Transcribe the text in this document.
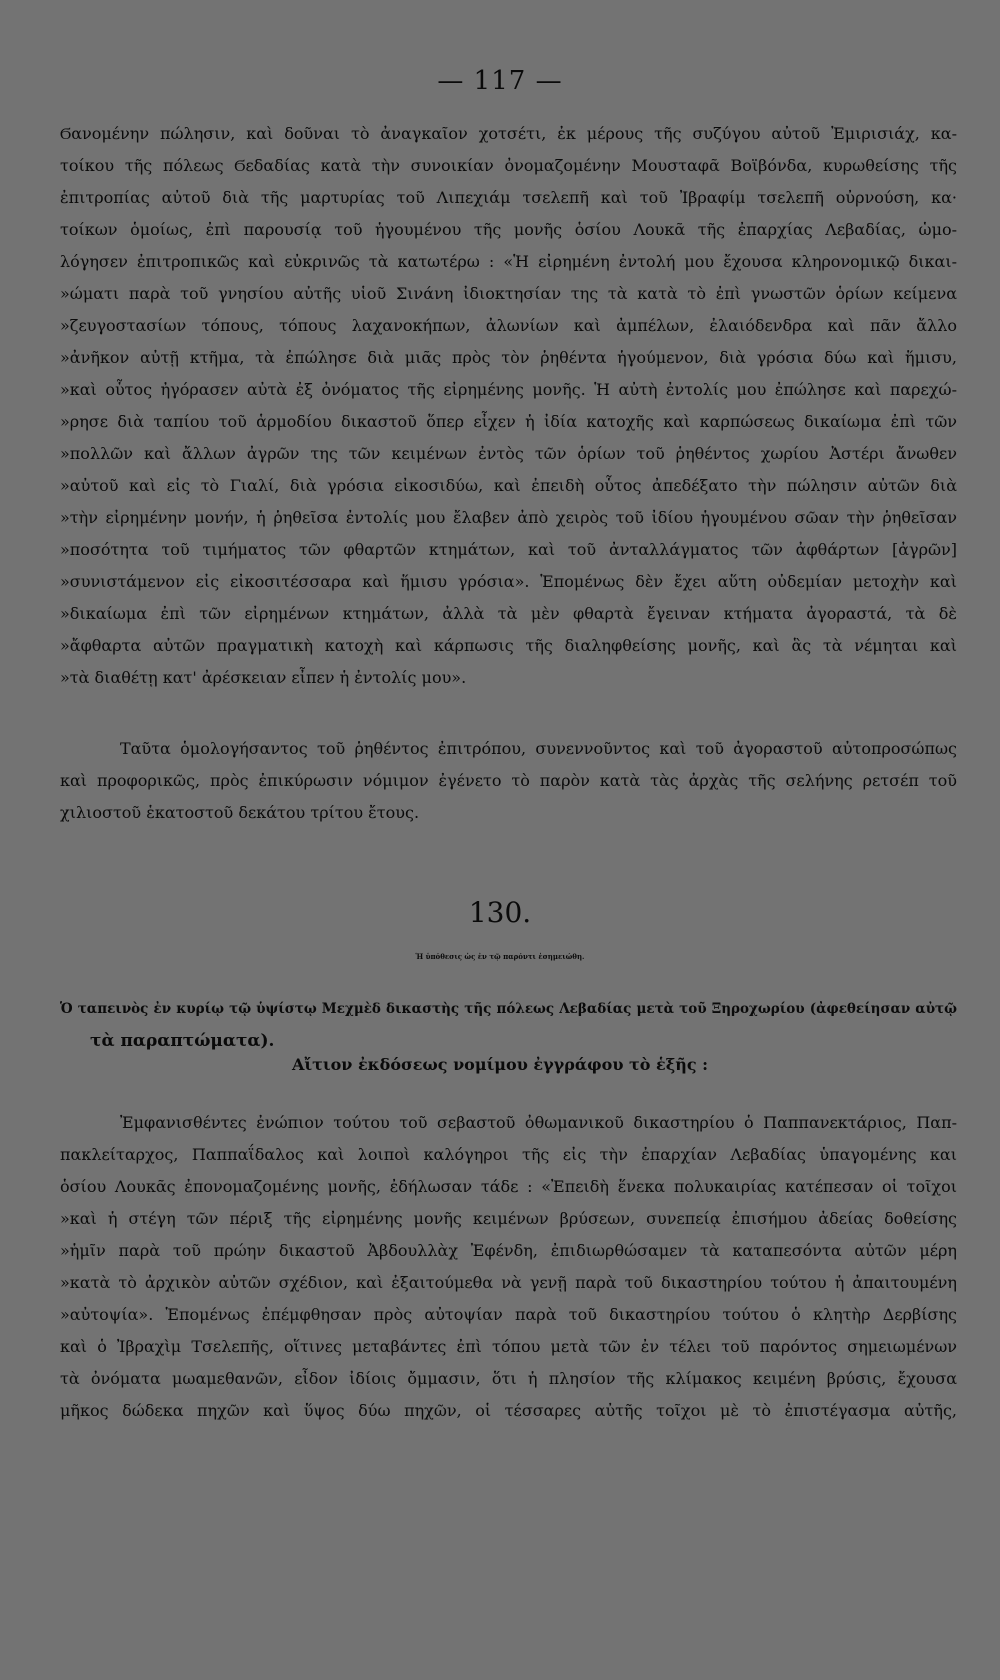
— 117 —
Ϭανομένην πώλησιν, καὶ δοῦναι τὸ ἀναγκαῖον χοτσέτι, ἐκ μέρους τῆς συζύγου αὐτοῦ Ἐμιρισιάχ, κα-
τοίκου τῆς πόλεως Ϭεδαδίας κατὰ τὴν συνοικίαν ὀνομαζομένην Μουσταφᾶ Βοϊβόνδα, κυρωθείσης τῆς
ἐπιτροπίας αὐτοῦ διὰ τῆς μαρτυρίας τοῦ Λιπεχιάμ τσελεπῆ καὶ τοῦ Ἰβραφίμ τσελεπῆ οὐρνούση, κα·
τοίκων ὁμοίως, ἐπὶ παρουσίᾳ τοῦ ἡγουμένου τῆς μονῆς ὁσίου Λουκᾶ τῆς ἐπαρχίας Λεβαδίας, ὡμο-
λόγησεν ἐπιτροπικῶς καὶ εὐκρινῶς τὰ κατωτέρω : «Ἡ εἰρημένη ἐντολή μου ἔχουσα κληρονομικῷ δικαι-
»ώματι παρὰ τοῦ γνησίου αὐτῆς υἱοῦ Σινάνη ἰδιοκτησίαν της τὰ κατὰ τὸ ἐπὶ γνωστῶν ὁρίων κείμενα
»ζευγοστασίων τόπους, τόπους λαχανοκήπων, ἀλωνίων καὶ ἀμπέλων, ἐλαιόδενδρα καὶ πᾶν ἄλλο
»ἀνῆκον αὐτῇ κτῆμα, τὰ ἐπώλησε διὰ μιᾶς πρὸς τὸν ῥηθέντα ἡγούμενον, διὰ γρόσια δύω καὶ ἥμισυ,
»καὶ οὗτος ἠγόρασεν αὐτὰ ἐξ ὀνόματος τῆς εἰρημένης μονῆς. Ἡ αὐτὴ ἐντολίς μου ἐπώλησε καὶ παρεχώ-
»ρησε διὰ ταπίου τοῦ ἁρμοδίου δικαστοῦ ὅπερ εἶχεν ἡ ἰδία κατοχῆς καὶ καρπώσεως δικαίωμα ἐπὶ τῶν
»πολλῶν καὶ ἄλλων ἀγρῶν της τῶν κειμένων ἐντὸς τῶν ὁρίων τοῦ ῥηθέντος χωρίου Ἀστέρι ἄνωθεν
»αὐτοῦ καὶ εἰς τὸ Γιαλί, διὰ γρόσια εἰκοσιδύω, καὶ ἐπειδὴ οὗτος ἀπεδέξατο τὴν πώλησιν αὐτῶν διὰ
»τὴν εἰρημένην μονήν, ἡ ῥηθεῖσα ἐντολίς μου ἔλαβεν ἀπὸ χειρὸς τοῦ ἰδίου ἡγουμένου σῶαν τὴν ῥηθεῖσαν
»ποσότητα τοῦ τιμήματος τῶν φθαρτῶν κτημάτων, καὶ τοῦ ἀνταλλάγματος τῶν ἀφθάρτων [ἀγρῶν]
»συνιστάμενον εἰς εἰκοσιτέσσαρα καὶ ἥμισυ γρόσια». Ἑπομένως δὲν ἔχει αὕτη οὐδεμίαν μετοχὴν καὶ
»δικαίωμα ἐπὶ τῶν εἰρημένων κτημάτων, ἀλλὰ τὰ μὲν φθαρτὰ ἔγειναν κτήματα ἀγοραστά, τὰ δὲ
»ἄφθαρτα αὐτῶν πραγματικὴ κατοχὴ καὶ κάρπωσις τῆς διαληφθείσης μονῆς, καὶ ἃς τὰ νέμηται καὶ
»τὰ διαθέτῃ κατ' ἀρέσκειαν εἶπεν ἡ ἐντολίς μου».
Ταῦτα ὁμολογήσαντος τοῦ ῥηθέντος ἐπιτρόπου, συνεννοῦντος καὶ τοῦ ἀγοραστοῦ αὐτοπροσώπως
καὶ προφορικῶς, πρὸς ἐπικύρωσιν νόμιμον ἐγένετο τὸ παρὸν κατὰ τὰς ἀρχὰς τῆς σελήνης ρετσέπ τοῦ
χιλιοστοῦ ἑκατοστοῦ δεκάτου τρίτου ἔτους.
130.
Ἡ ὑπόθεσις ὡς ἐν τῷ παρόντι ἐσημειώθη.
Ὁ ταπεινὸς ἐν κυρίῳ τῷ ὑψίστῳ Μεχμὲδ δικαστὴς τῆς πόλεως Λεβαδίας μετὰ τοῦ Ξηροχωρίου (ἀφεθείησαν αὐτῷ
τὰ παραπτώματα).
Αἴτιον ἐκδόσεως νομίμου ἐγγράφου τὸ ἑξῆς :
Ἐμφανισθέντες ἐνώπιον τούτου τοῦ σεβαστοῦ ὀθωμανικοῦ δικαστηρίου ὁ Παππανεκτάριος, Παπ-
πακλείταρχος, Παππαΐδαλος καὶ λοιποὶ καλόγηροι τῆς εἰς τὴν ἐπαρχίαν Λεβαδίας ὑπαγομένης και
ὁσίου Λουκᾶς ἐπονομαζομένης μονῆς, ἐδήλωσαν τάδε : «Ἐπειδὴ ἕνεκα πολυκαιρίας κατέπεσαν οἱ τοῖχοι
»καὶ ἡ στέγη τῶν πέριξ τῆς εἰρημένης μονῆς κειμένων βρύσεων, συνεπείᾳ ἐπισήμου ἀδείας δοθείσης
»ἡμῖν παρὰ τοῦ πρώην δικαστοῦ Ἀβδουλλὰχ Ἐφένδη, ἐπιδιωρθώσαμεν τὰ καταπεσόντα αὐτῶν μέρη
»κατὰ τὸ ἀρχικὸν αὐτῶν σχέδιον, καὶ ἐξαιτούμεθα νὰ γενῇ παρὰ τοῦ δικαστηρίου τούτου ἡ ἀπαιτουμένη
»αὐτοψία». Ἑπομένως ἐπέμφθησαν πρὸς αὐτοψίαν παρὰ τοῦ δικαστηρίου τούτου ὁ κλητὴρ Δερβίσης
καὶ ὁ Ἰβραχὶμ Τσελεπῆς, οἵτινες μεταβάντες ἐπὶ τόπου μετὰ τῶν ἐν τέλει τοῦ παρόντος σημειωμένων
τὰ ὀνόματα μωαμεθανῶν, εἶδον ἰδίοις ὄμμασιν, ὅτι ἡ πλησίον τῆς κλίμακος κειμένη βρύσις, ἔχουσα
μῆκος δώδεκα πηχῶν καὶ ὕψος δύω πηχῶν, οἱ τέσσαρες αὐτῆς τοῖχοι μὲ τὸ ἐπιστέγασμα αὐτῆς,
